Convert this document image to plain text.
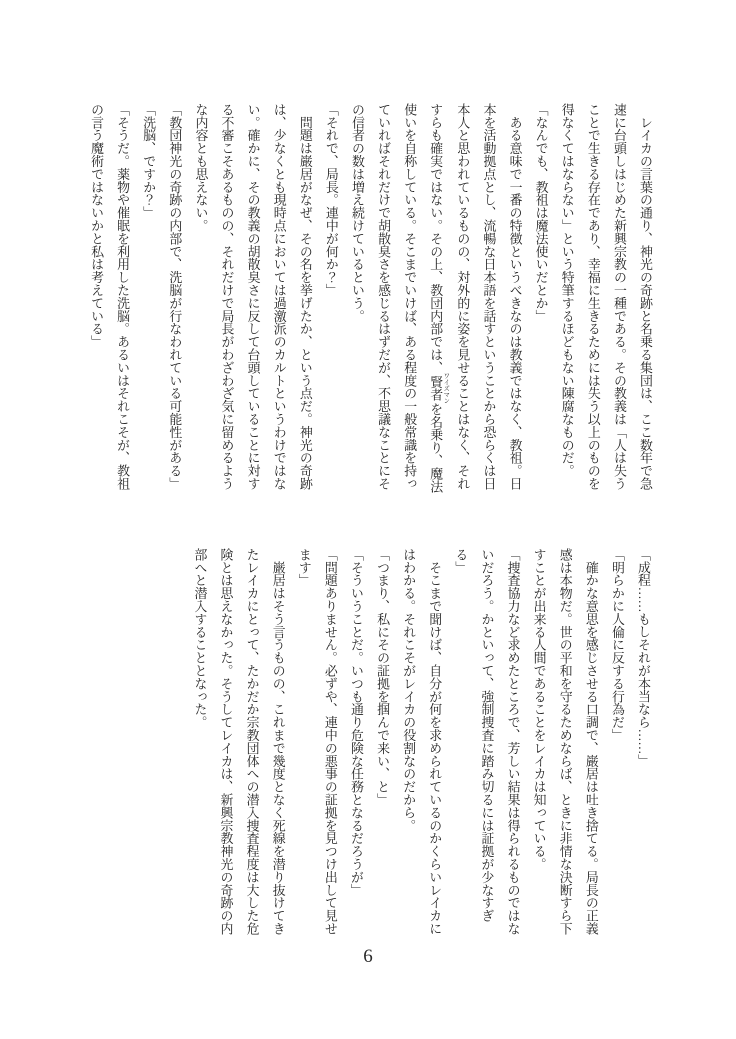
　レイカの言葉の通り、神光の奇跡と名乗る集団は、ここ数年で急
速に台頭しはじめた新興宗教の一種である。その教義は「人は失う
ことで生きる存在であり、幸福に生きるためには失う以上のものを
得なくてはならない」という特筆するほどもない陳腐なものだ。
「なんでも、教祖は魔法使いだとか」
　ある意味で一番の特徴というべきなのは教義ではなく、教祖。日
本を活動拠点とし、流暢な日本語を話すということから恐らくは日
本人と思われているものの、対外的に姿を見せることはなく、それ
すらも確実ではない。その上、教団内部では、賢者 ワイズマンを名乗り、魔法
使いを自称している。そこまでいけば、ある程度の一般常識を持っ
ていればそれだけで胡散臭さを感じるはずだが、不思議なことにそ
の信者の数は増え続けているという。
「それで、局長。連中が何か？」
　問題は巌居がなぜ、その名を挙げたか、という点だ。神光の奇跡
は、少なくとも現時点においては過激派のカルトというわけではな
い。確かに、その教義の胡散臭さに反して台頭していることに対す
る不審こそあるものの、それだけで局長がわざわざ気に留めるよう
な内容とも思えない。
「教団神光の奇跡の内部で、洗脳が行なわれている可能性がある」
「洗脳、ですか？」
「そうだ。薬物や催眠を利用した洗脳。あるいはそれこそが、教祖
の言う魔術ではないかと私は考えている」
「成程……もしそれが本当なら……」
「明らかに人倫に反する行為だ」
　確かな意思を感じさせる口調で、巌居は吐き捨てる。局長の正義
感は本物だ。世の平和を守るためならば、ときに非情な決断すら下
すことが出来る人間であることをレイカは知っている。
「捜査協力など求めたところで、芳しい結果は得られるものではな
いだろう。かといって、強制捜査に踏み切るには証拠が少なすぎ
る」
　そこまで聞けば、自分が何を求められているのかくらいレイカに
はわかる。それこそがレイカの役割なのだから。
「つまり、私にその証拠を掴んで来い、と」
「そういうことだ。いつも通り危険な任務となるだろうが」
「問題ありません。必ずや、連中の悪事の証拠を見つけ出して見せ
ます」
　巌居はそう言うものの、これまで幾度となく死線を潜り抜けてき
たレイカにとって、たかだか宗教団体への潜入捜査程度は大した危
険とは思えなかった。そうしてレイカは、新興宗教神光の奇跡の内
部へと潜入することとなった。
6
